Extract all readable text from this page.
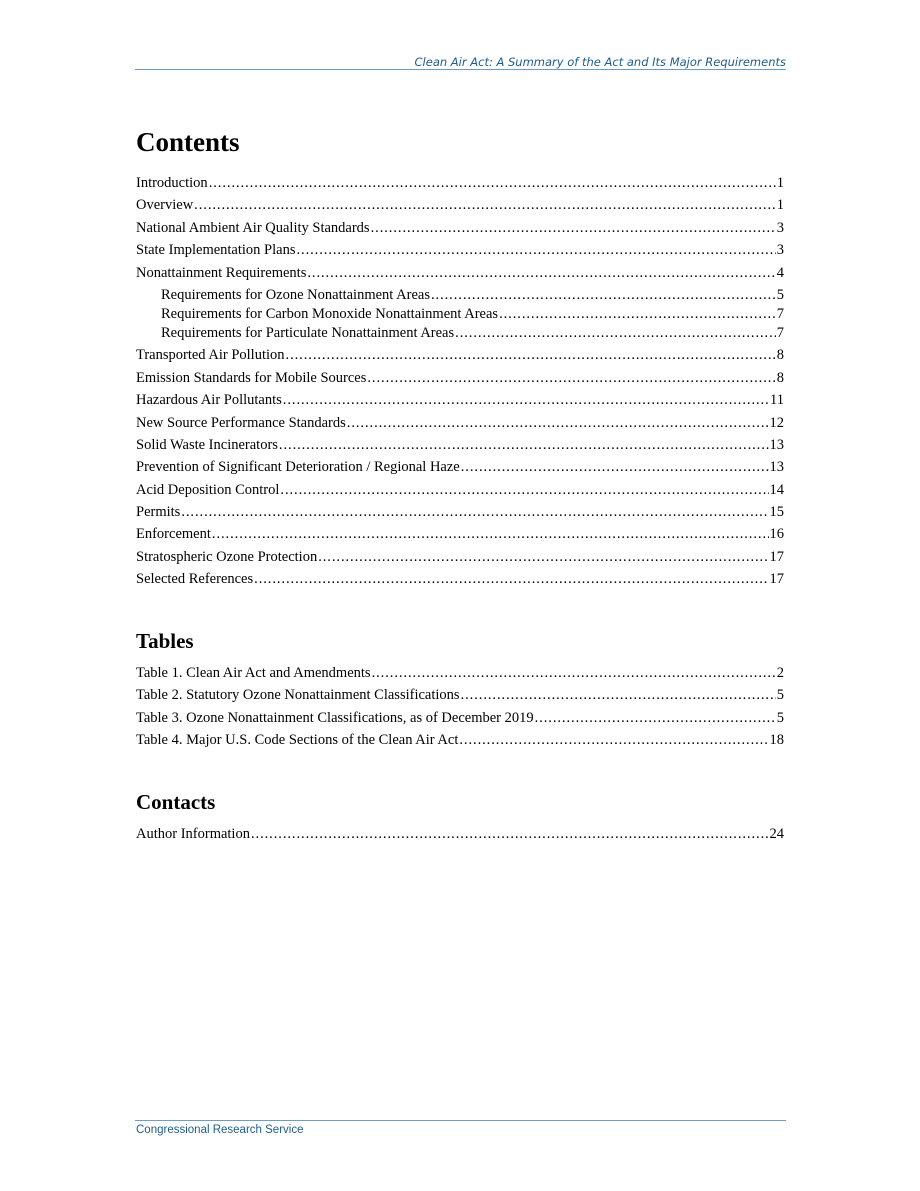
Clean Air Act: A Summary of the Act and Its Major Requirements
Contents
Introduction . . .	1
Overview . . .	1
National Ambient Air Quality Standards . . .	3
State Implementation Plans . . .	3
Nonattainment Requirements . . .	4
Requirements for Ozone Nonattainment Areas . . .	5
Requirements for Carbon Monoxide Nonattainment Areas . . .	7
Requirements for Particulate Nonattainment Areas . . .	7
Transported Air Pollution . . .	8
Emission Standards for Mobile Sources . . .	8
Hazardous Air Pollutants . . .	11
New Source Performance Standards . . .	12
Solid Waste Incinerators . . .	13
Prevention of Significant Deterioration / Regional Haze . . .	13
Acid Deposition Control . . .	14
Permits . . .	15
Enforcement . . .	16
Stratospheric Ozone Protection . . .	17
Selected References . . .	17
Tables
Table 1. Clean Air Act and Amendments . . .	2
Table 2. Statutory Ozone Nonattainment Classifications . . .	5
Table 3. Ozone Nonattainment Classifications, as of December 2019 . . .	5
Table 4. Major U.S. Code Sections of the Clean Air Act . . .	18
Contacts
Author Information . . .	24
Congressional Research Service
